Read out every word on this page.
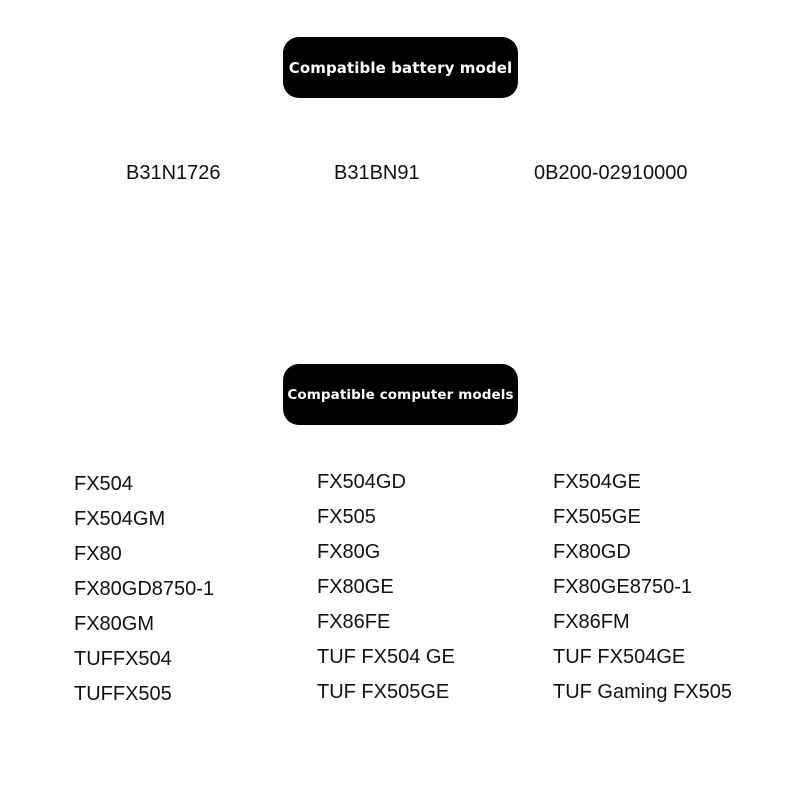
Compatible battery model
B31N1726	B31BN91	0B200-02910000
Compatible computer models
FX504
FX504GM
FX80
FX80GD8750-1
FX80GM
TUFFX504
TUFFX505
FX504GD
FX505
FX80G
FX80GE
FX86FE
TUF FX504 GE
TUF FX505GE
FX504GE
FX505GE
FX80GD
FX80GE8750-1
FX86FM
TUF FX504GE
TUF Gaming FX505
